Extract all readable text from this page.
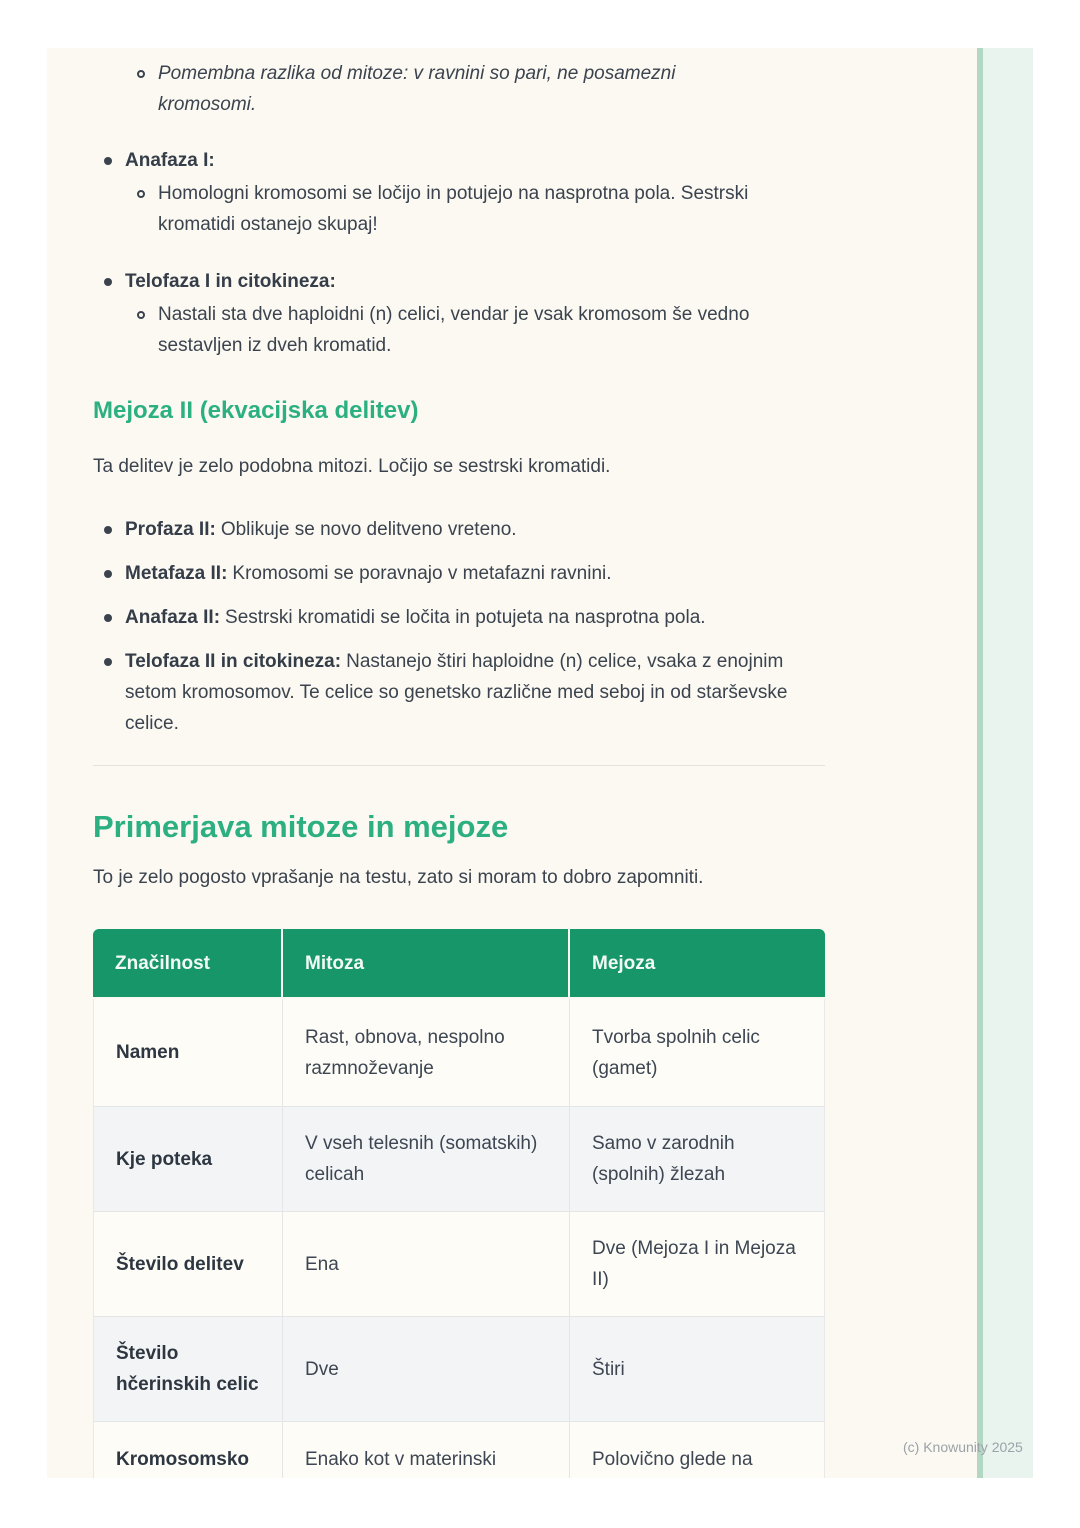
Pomembna razlika od mitoze: v ravnini so pari, ne posamezni kromosomi.
Anafaza I:
Homologni kromosomi se ločijo in potujejo na nasprotna pola. Sestrski kromatidi ostanejo skupaj!
Telofaza I in citokineza:
Nastali sta dve haploidni (n) celici, vendar je vsak kromosom še vedno sestavljen iz dveh kromatid.
Mejoza II (ekvacijska delitev)

Ta delitev je zelo podobna mitozi. Ločijo se sestrski kromatidi.

Profaza II: Oblikuje se novo delitveno vreteno.
Metafaza II: Kromosomi se poravnajo v metafazni ravnini.
Anafaza II: Sestrski kromatidi se ločita in potujeta na nasprotna pola.
Telofaza II in citokineza: Nastanejo štiri haploidne (n) celice, vsaka z enojnim setom kromosomov. Te celice so genetsko različne med seboj in od starševske celice.
Primerjava mitoze in mejoze

To je zelo pogosto vprašanje na testu, zato si moram to dobro zapomniti.

Značilnost	Mitoza	Mejoza
Namen	Rast, obnova, nespolno razmnoževanje	Tvorba spolnih celic (gamet)
Kje poteka	V vseh telesnih (somatskih) celicah	Samo v zarodnih (spolnih) žlezah
Število delitev	Ena	Dve (Mejoza I in Mejoza II)
Število hčerinskih celic	Dve	Štiri
Kromosomsko	Enako kot v materinski	Polovično glede na
(c) Knowunity 2025
